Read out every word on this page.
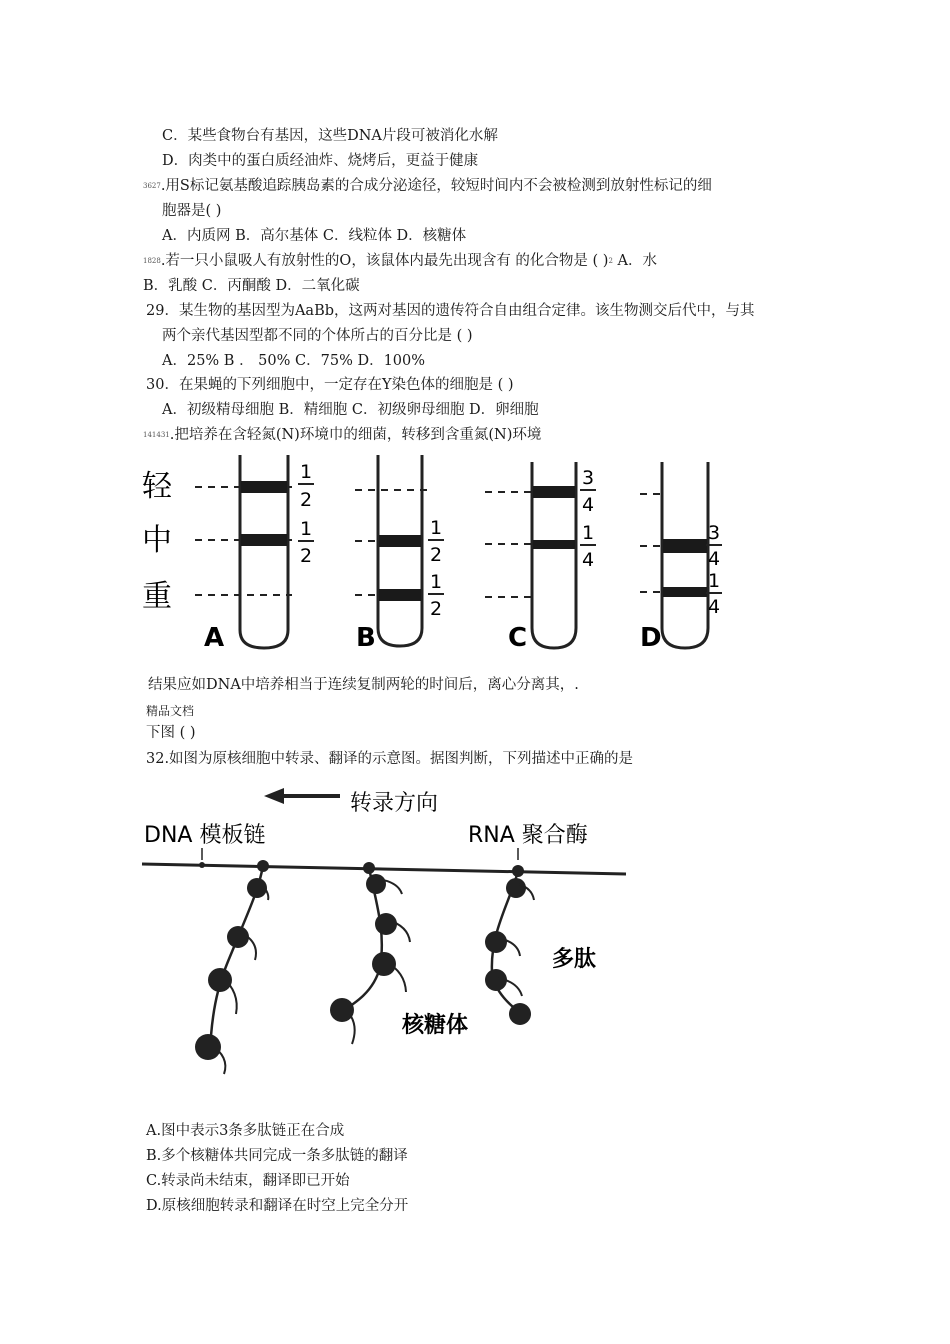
C．某些食物台有基因，这些DNA片段可被消化水解
D．肉类中的蛋白质经油炸、烧烤后，更益于健康
3627.用S标记氨基酸追踪胰岛素的合成分泌途径，较短时间内不会被检测到放射性标记的细
胞器是( )
A．内质网 B．高尔基体 C．线粒体 D．核糖体
1828.若一只小鼠吸人有放射性的O，该鼠体内最先出现含有 的化合物是 ( )2 A．水
B．乳酸 C．丙酮酸 D．二氧化碳
29．某生物的基因型为AaBb，这两对基因的遗传符合自由组合定律。该生物测交后代中，与其
两个亲代基因型都不同的个体所占的百分比是 ( )
A．25% B ． 50% C．75% D．100%
30．在果蝇的下列细胞中，一定存在Y染色体的细胞是 ( )
A．初级精母细胞 B．精细胞 C．初级卵母细胞 D．卵细胞
141431.把培养在含轻氮(N)环境巾的细菌，转移到含重氮(N)环境
轻
中
重
1
2
1
2
A
1
2
1
2
B
3
4
1
4
C
3
4
1
4
D
结果应如DNA中培养相当于连续复制两轮的时间后，离心分离其，.
精品文档
下图 ( )
32.如图为原核细胞中转录、翻译的示意图。据图判断，下列描述中正确的是
转录方向
DNA 模板链	RNA 聚合酶
多肽
核糖体
A.图中表示3条多肽链正在合成
B.多个核糖体共同完成一条多肽链的翻译
C.转录尚未结束，翻译即已开始
D.原核细胞转录和翻译在时空上完全分开
